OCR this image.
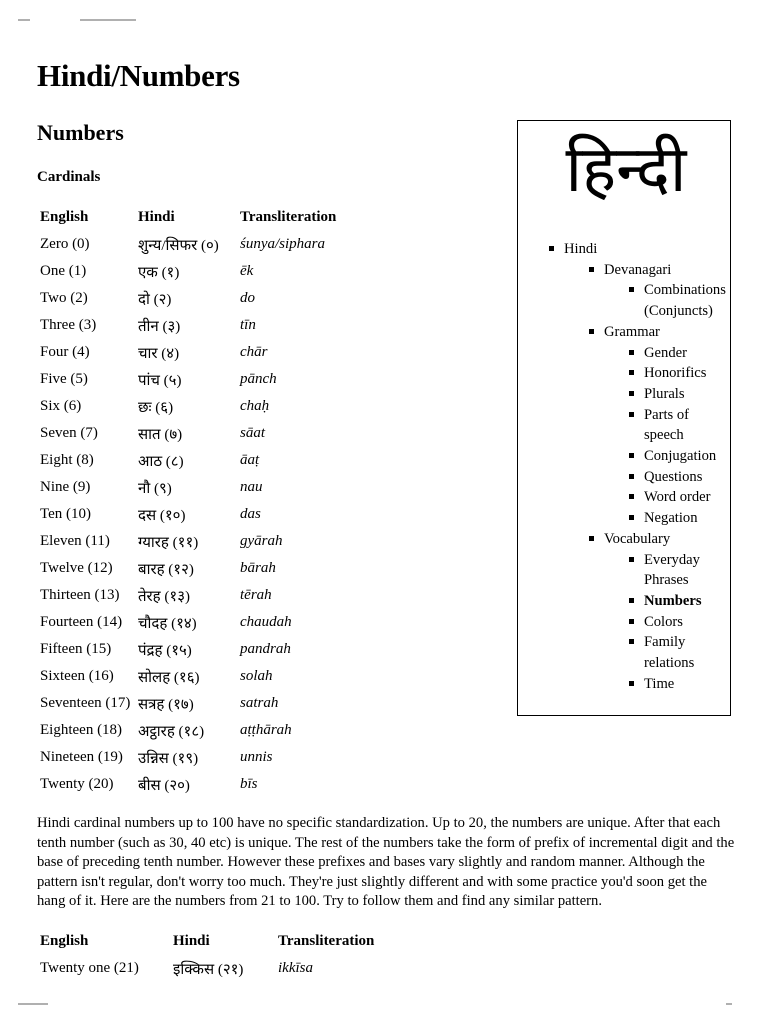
Hindi/Numbers
Numbers
Cardinals
English	Hindi	Transliteration
Zero (0)	शुन्य/सिफर (०)	śunya/siphara
One (1)	एक (१)	ēk
Two (2)	दो (२)	do
Three (3)	तीन (३)	tīn
Four (4)	चार (४)	chār
Five (5)	पांच (५)	pānch
Six (6)	छः (६)	chaḥ
Seven (7)	सात (७)	sāat
Eight (8)	आठ (८)	āaṭ
Nine (9)	नौ (९)	nau
Ten (10)	दस (१०)	das
Eleven (11)	ग्यारह (११)	gyārah
Twelve (12)	बारह (१२)	bārah
Thirteen (13)	तेरह (१३)	tērah
Fourteen (14)	चौदह (१४)	chaudah
Fifteen (15)	पंद्रह (१५)	pandrah
Sixteen (16)	सोलह (१६)	solah
Seventeen (17)	सत्रह (१७)	satrah
Eighteen (18)	अट्ठारह (१८)	aṭṭhārah
Nineteen (19)	उन्निस (१९)	unnis
Twenty (20)	बीस (२०)	bīs

Hindi cardinal numbers up to 100 have no specific standardization. Up to 20, the numbers are unique. After that each tenth number (such as 30, 40 etc) is unique. The rest of the numbers take the form of prefix of incremental digit and the base of preceding tenth number. However these prefixes and bases vary slightly and random manner. Although the pattern isn't regular, don't worry too much. They're just slightly different and with some practice you'd soon get the hang of it. Here are the numbers from 21 to 100. Try to follow them and find any similar pattern.

English	Hindi	Transliteration
Twenty one (21)	इक्किस (२१)	ikkīsa
हिन्दी
Hindi
Devanagari
Combinations
(Conjuncts)
Grammar
Gender
Honorifics
Plurals
Parts of
speech
Conjugation
Questions
Word order
Negation
Vocabulary
Everyday
Phrases
Numbers
Colors
Family
relations
Time
